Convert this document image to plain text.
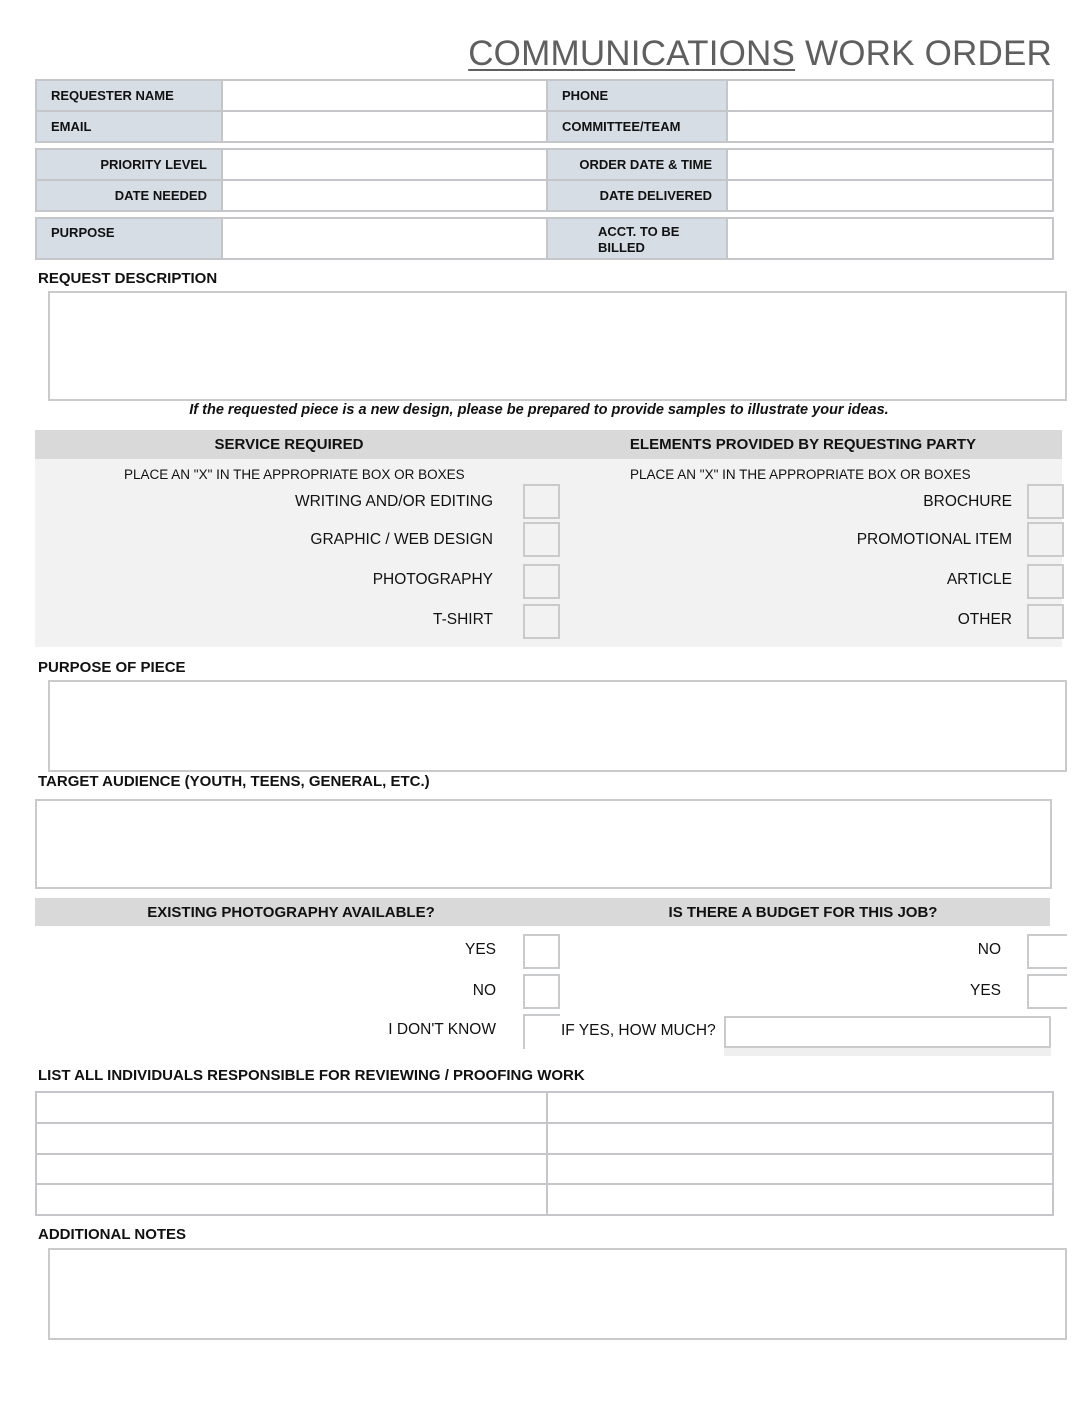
COMMUNICATIONS WORK ORDER
REQUESTER NAME		PHONE	
EMAIL		COMMITTEE/TEAM	
PRIORITY LEVEL		ORDER DATE & TIME	
DATE NEEDED		DATE DELIVERED	
PURPOSE		ACCT. TO BE BILLED	
REQUEST DESCRIPTION
If the requested piece is a new design, please be prepared to provide samples to illustrate your ideas.
SERVICE REQUIRED	ELEMENTS PROVIDED BY REQUESTING PARTY
PLACE AN "X" IN THE APPROPRIATE BOX OR BOXES	PLACE AN "X" IN THE APPROPRIATE BOX OR BOXES
WRITING AND/OR EDITING
GRAPHIC / WEB DESIGN
PHOTOGRAPHY
T-SHIRT
BROCHURE
PROMOTIONAL ITEM
ARTICLE
OTHER
PURPOSE OF PIECE
TARGET AUDIENCE (YOUTH, TEENS, GENERAL, ETC.)
EXISTING PHOTOGRAPHY AVAILABLE?	IS THERE A BUDGET FOR THIS JOB?
YES
NO
I DON'T KNOW
NO
YES
IF YES, HOW MUCH?
LIST ALL INDIVIDUALS RESPONSIBLE FOR REVIEWING / PROOFING WORK

ADDITIONAL NOTES
